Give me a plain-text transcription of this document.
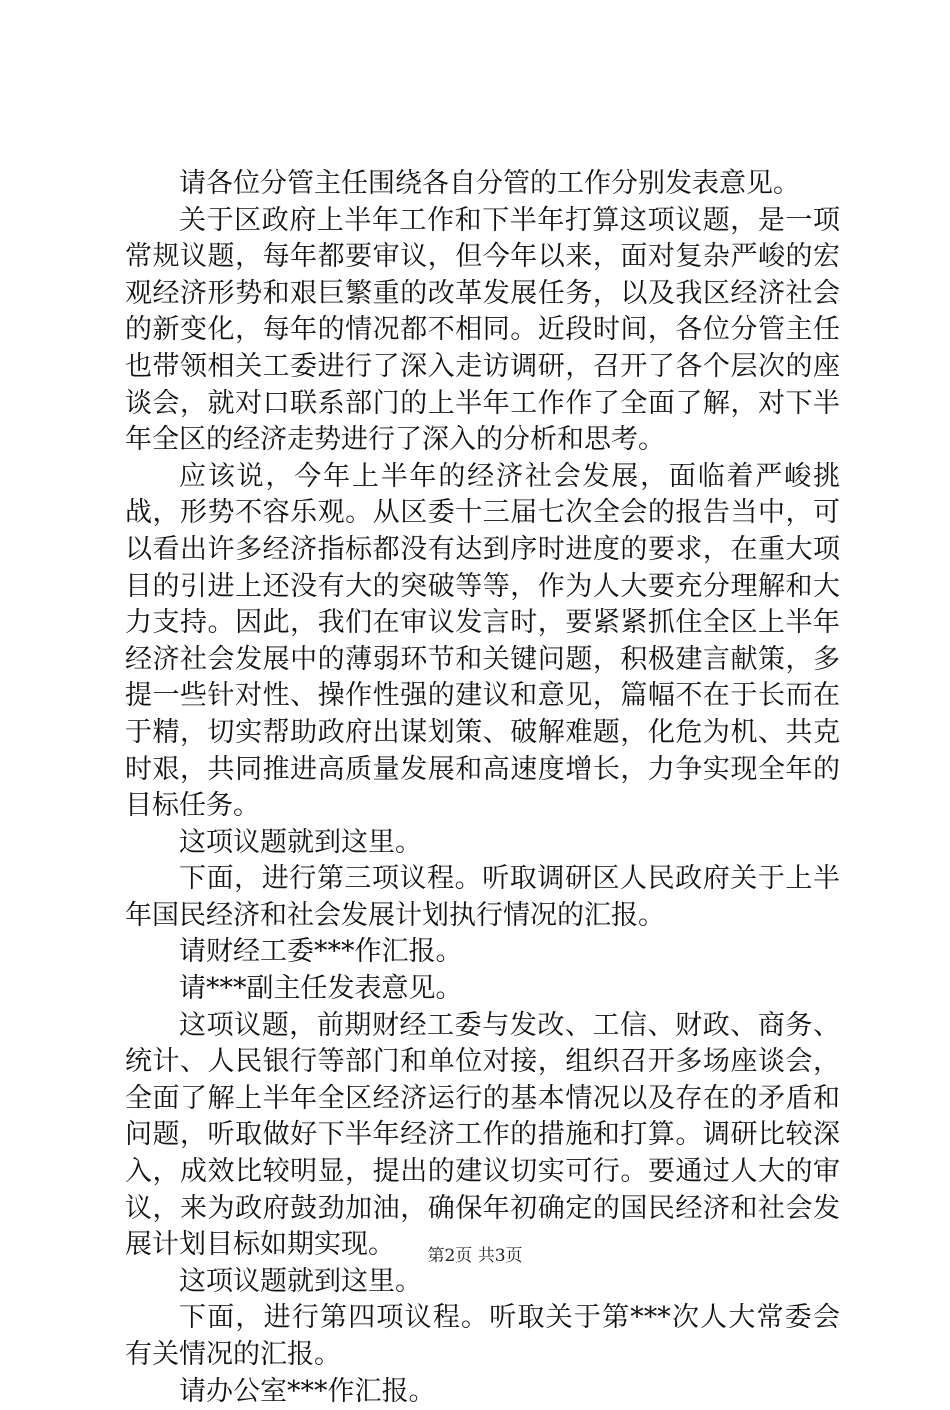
请各位分管主任围绕各自分管的工作分别发表意见。

关于区政府上半年工作和下半年打算这项议题，是一项常规议题，每年都要审议，但今年以来，面对复杂严峻的宏观经济形势和艰巨繁重的改革发展任务，以及我区经济社会的新变化，每年的情况都不相同。近段时间，各位分管主任也带领相关工委进行了深入走访调研，召开了各个层次的座谈会，就对口联系部门的上半年工作作了全面了解，对下半年全区的经济走势进行了深入的分析和思考。

应该说，今年上半年的经济社会发展，面临着严峻挑战，形势不容乐观。从区委十三届七次全会的报告当中，可以看出许多经济指标都没有达到序时进度的要求，在重大项目的引进上还没有大的突破等等，作为人大要充分理解和大力支持。因此，我们在审议发言时，要紧紧抓住全区上半年经济社会发展中的薄弱环节和关键问题，积极建言献策，多提一些针对性、操作性强的建议和意见，篇幅不在于长而在于精，切实帮助政府出谋划策、破解难题，化危为机、共克时艰，共同推进高质量发展和高速度增长，力争实现全年的目标任务。

这项议题就到这里。

下面，进行第三项议程。听取调研区人民政府关于上半年国民经济和社会发展计划执行情况的汇报。

请财经工委***作汇报。

请***副主任发表意见。

这项议题，前期财经工委与发改、工信、财政、商务、统计、人民银行等部门和单位对接，组织召开多场座谈会，全面了解上半年全区经济运行的基本情况以及存在的矛盾和问题，听取做好下半年经济工作的措施和打算。调研比较深入，成效比较明显，提出的建议切实可行。要通过人大的审议，来为政府鼓劲加油，确保年初确定的国民经济和社会发展计划目标如期实现。

这项议题就到这里。

下面，进行第四项议程。听取关于第***次人大常委会有关情况的汇报。

请办公室***作汇报。

第2页 共3页
